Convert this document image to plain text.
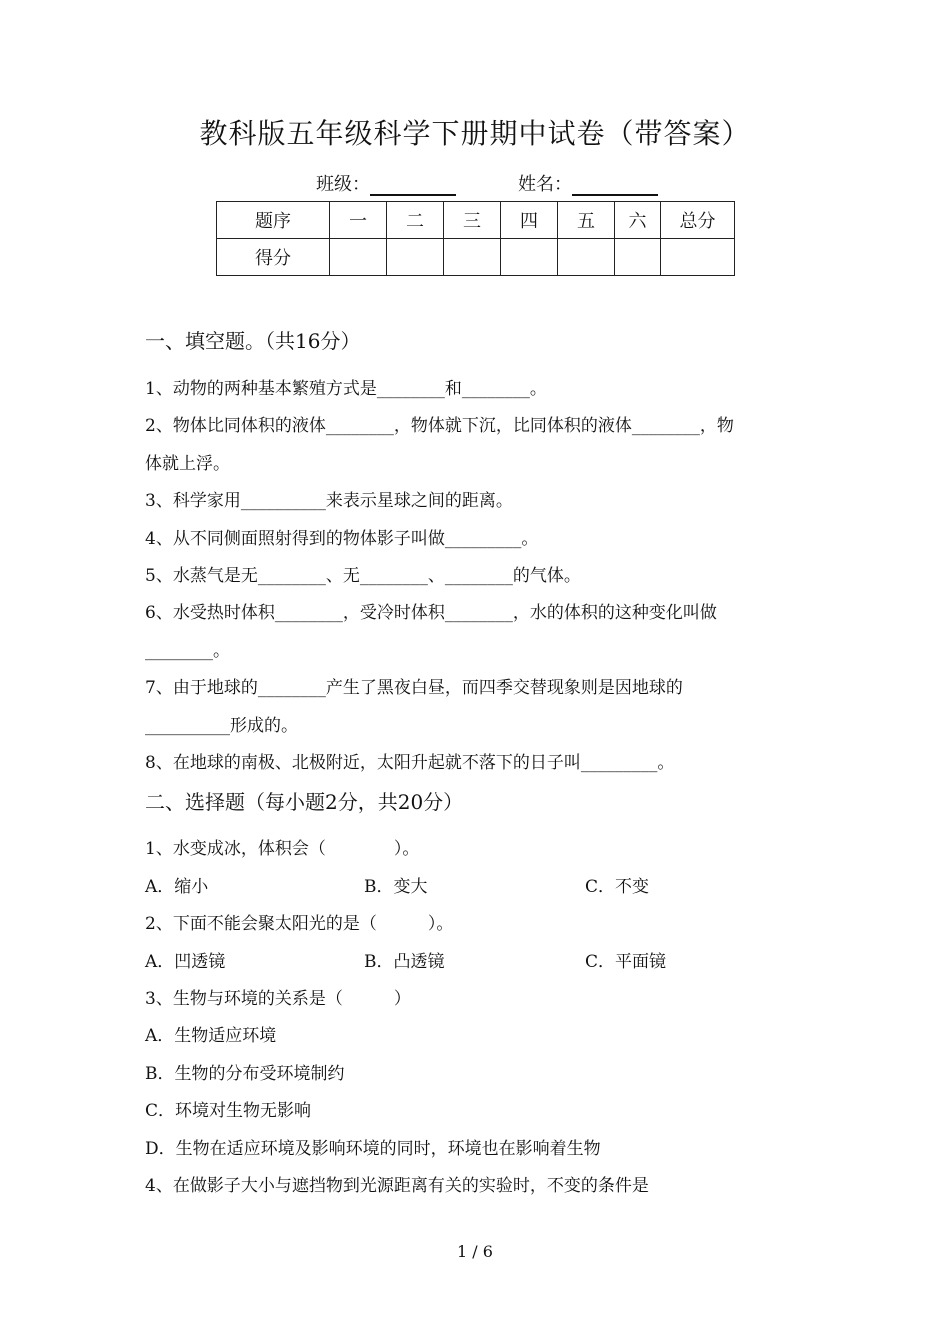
教科版五年级科学下册期中试卷（带答案）
班级：	姓名：
题序	一	二	三	四	五	六	总分
得分							
一、填空题。（共16分）
1、动物的两种基本繁殖方式是________和________。
2、物体比同体积的液体________，物体就下沉，比同体积的液体________，物
体就上浮。
3、科学家用__________来表示星球之间的距离。
4、从不同侧面照射得到的物体影子叫做_________。
5、水蒸气是无________、无________、________的气体。
6、水受热时体积________，受冷时体积________，水的体积的这种变化叫做
________。
7、由于地球的________产生了黑夜白昼，而四季交替现象则是因地球的
__________形成的。
8、在地球的南极、北极附近，太阳升起就不落下的日子叫_________。
二、选择题（每小题2分，共20分）
1、水变成冰，体积会（　　　　）。
A．缩小	B．变大	C．不变
2、下面不能会聚太阳光的是（　　　）。
A．凹透镜	B．凸透镜	C．平面镜
3、生物与环境的关系是（　　　）
A．生物适应环境
B．生物的分布受环境制约
C．环境对生物无影响
D．生物在适应环境及影响环境的同时，环境也在影响着生物
4、在做影子大小与遮挡物到光源距离有关的实验时，不变的条件是
1 / 6
